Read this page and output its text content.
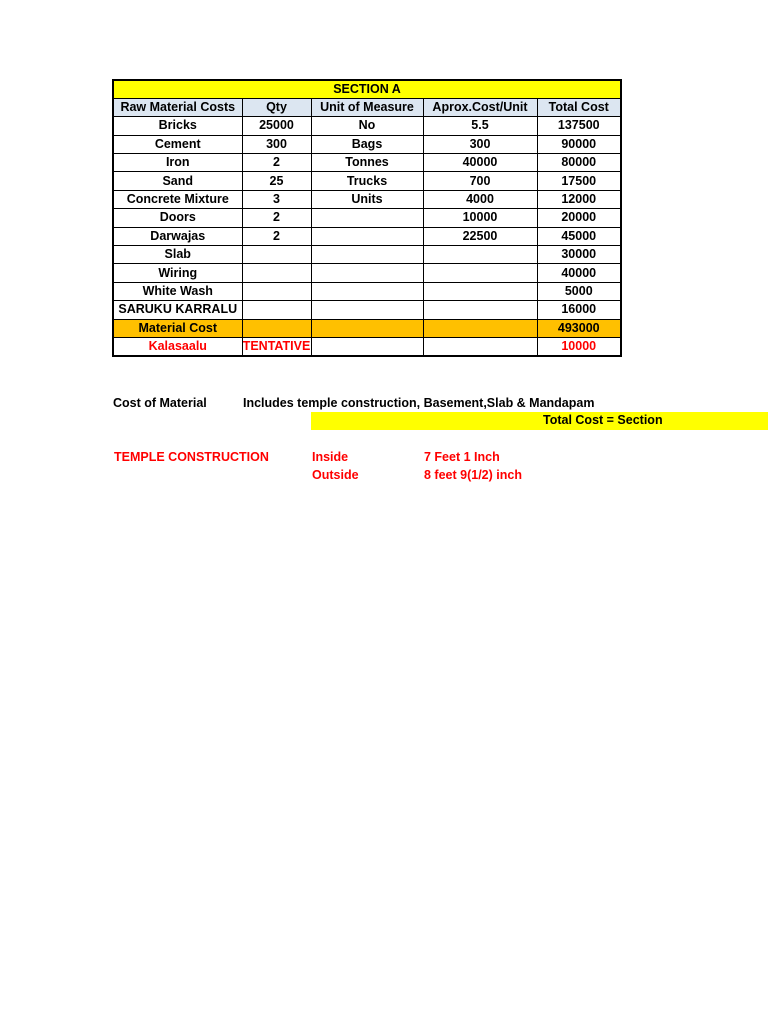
SECTION A				
Raw Material Costs	Qty	Unit of Measure	Aprox.Cost/Unit	Total Cost
Bricks	25000	No	5.5	137500
Cement	300	Bags	300	90000
Iron	2	Tonnes	40000	80000
Sand	25	Trucks	700	17500
Concrete Mixture	3	Units	4000	12000
Doors	2		10000	20000
Darwajas	2		22500	45000
Slab				30000
Wiring				40000
White Wash				5000
SARUKU KARRALU				16000
Material Cost				493000
Kalasaalu	TENTATIVE			10000
Cost of Material	Includes temple construction, Basement,Slab & Mandapam
Total Cost = Section
TEMPLE CONSTRUCTION	Inside	7 Feet 1 Inch
Outside	8 feet 9(1/2) inch
